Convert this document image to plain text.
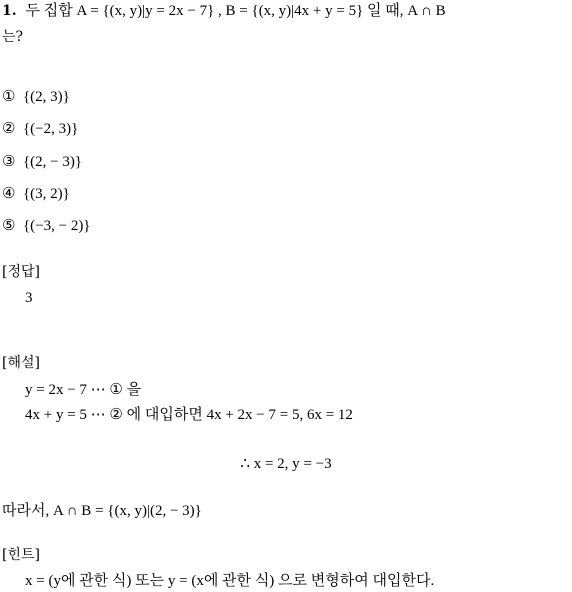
1. 두 집합 A = {(x, y)|y = 2x − 7} , B = {(x, y)|4x + y = 5} 일 때, A ∩ B
는?
① {(2, 3)}
② {(−2, 3)}
③ {(2, − 3)}
④ {(3, 2)}
⑤ {(−3, − 2)}
[정답]
3
[해설]
y = 2x − 7 ⋯ ① 을
4x + y = 5 ⋯ ② 에 대입하면 4x + 2x − 7 = 5, 6x = 12
∴ x = 2, y = −3
따라서, A ∩ B = {(x, y)|(2, − 3)}
[힌트]
x = (y에 관한 식) 또는 y = (x에 관한 식) 으로 변형하여 대입한다.
